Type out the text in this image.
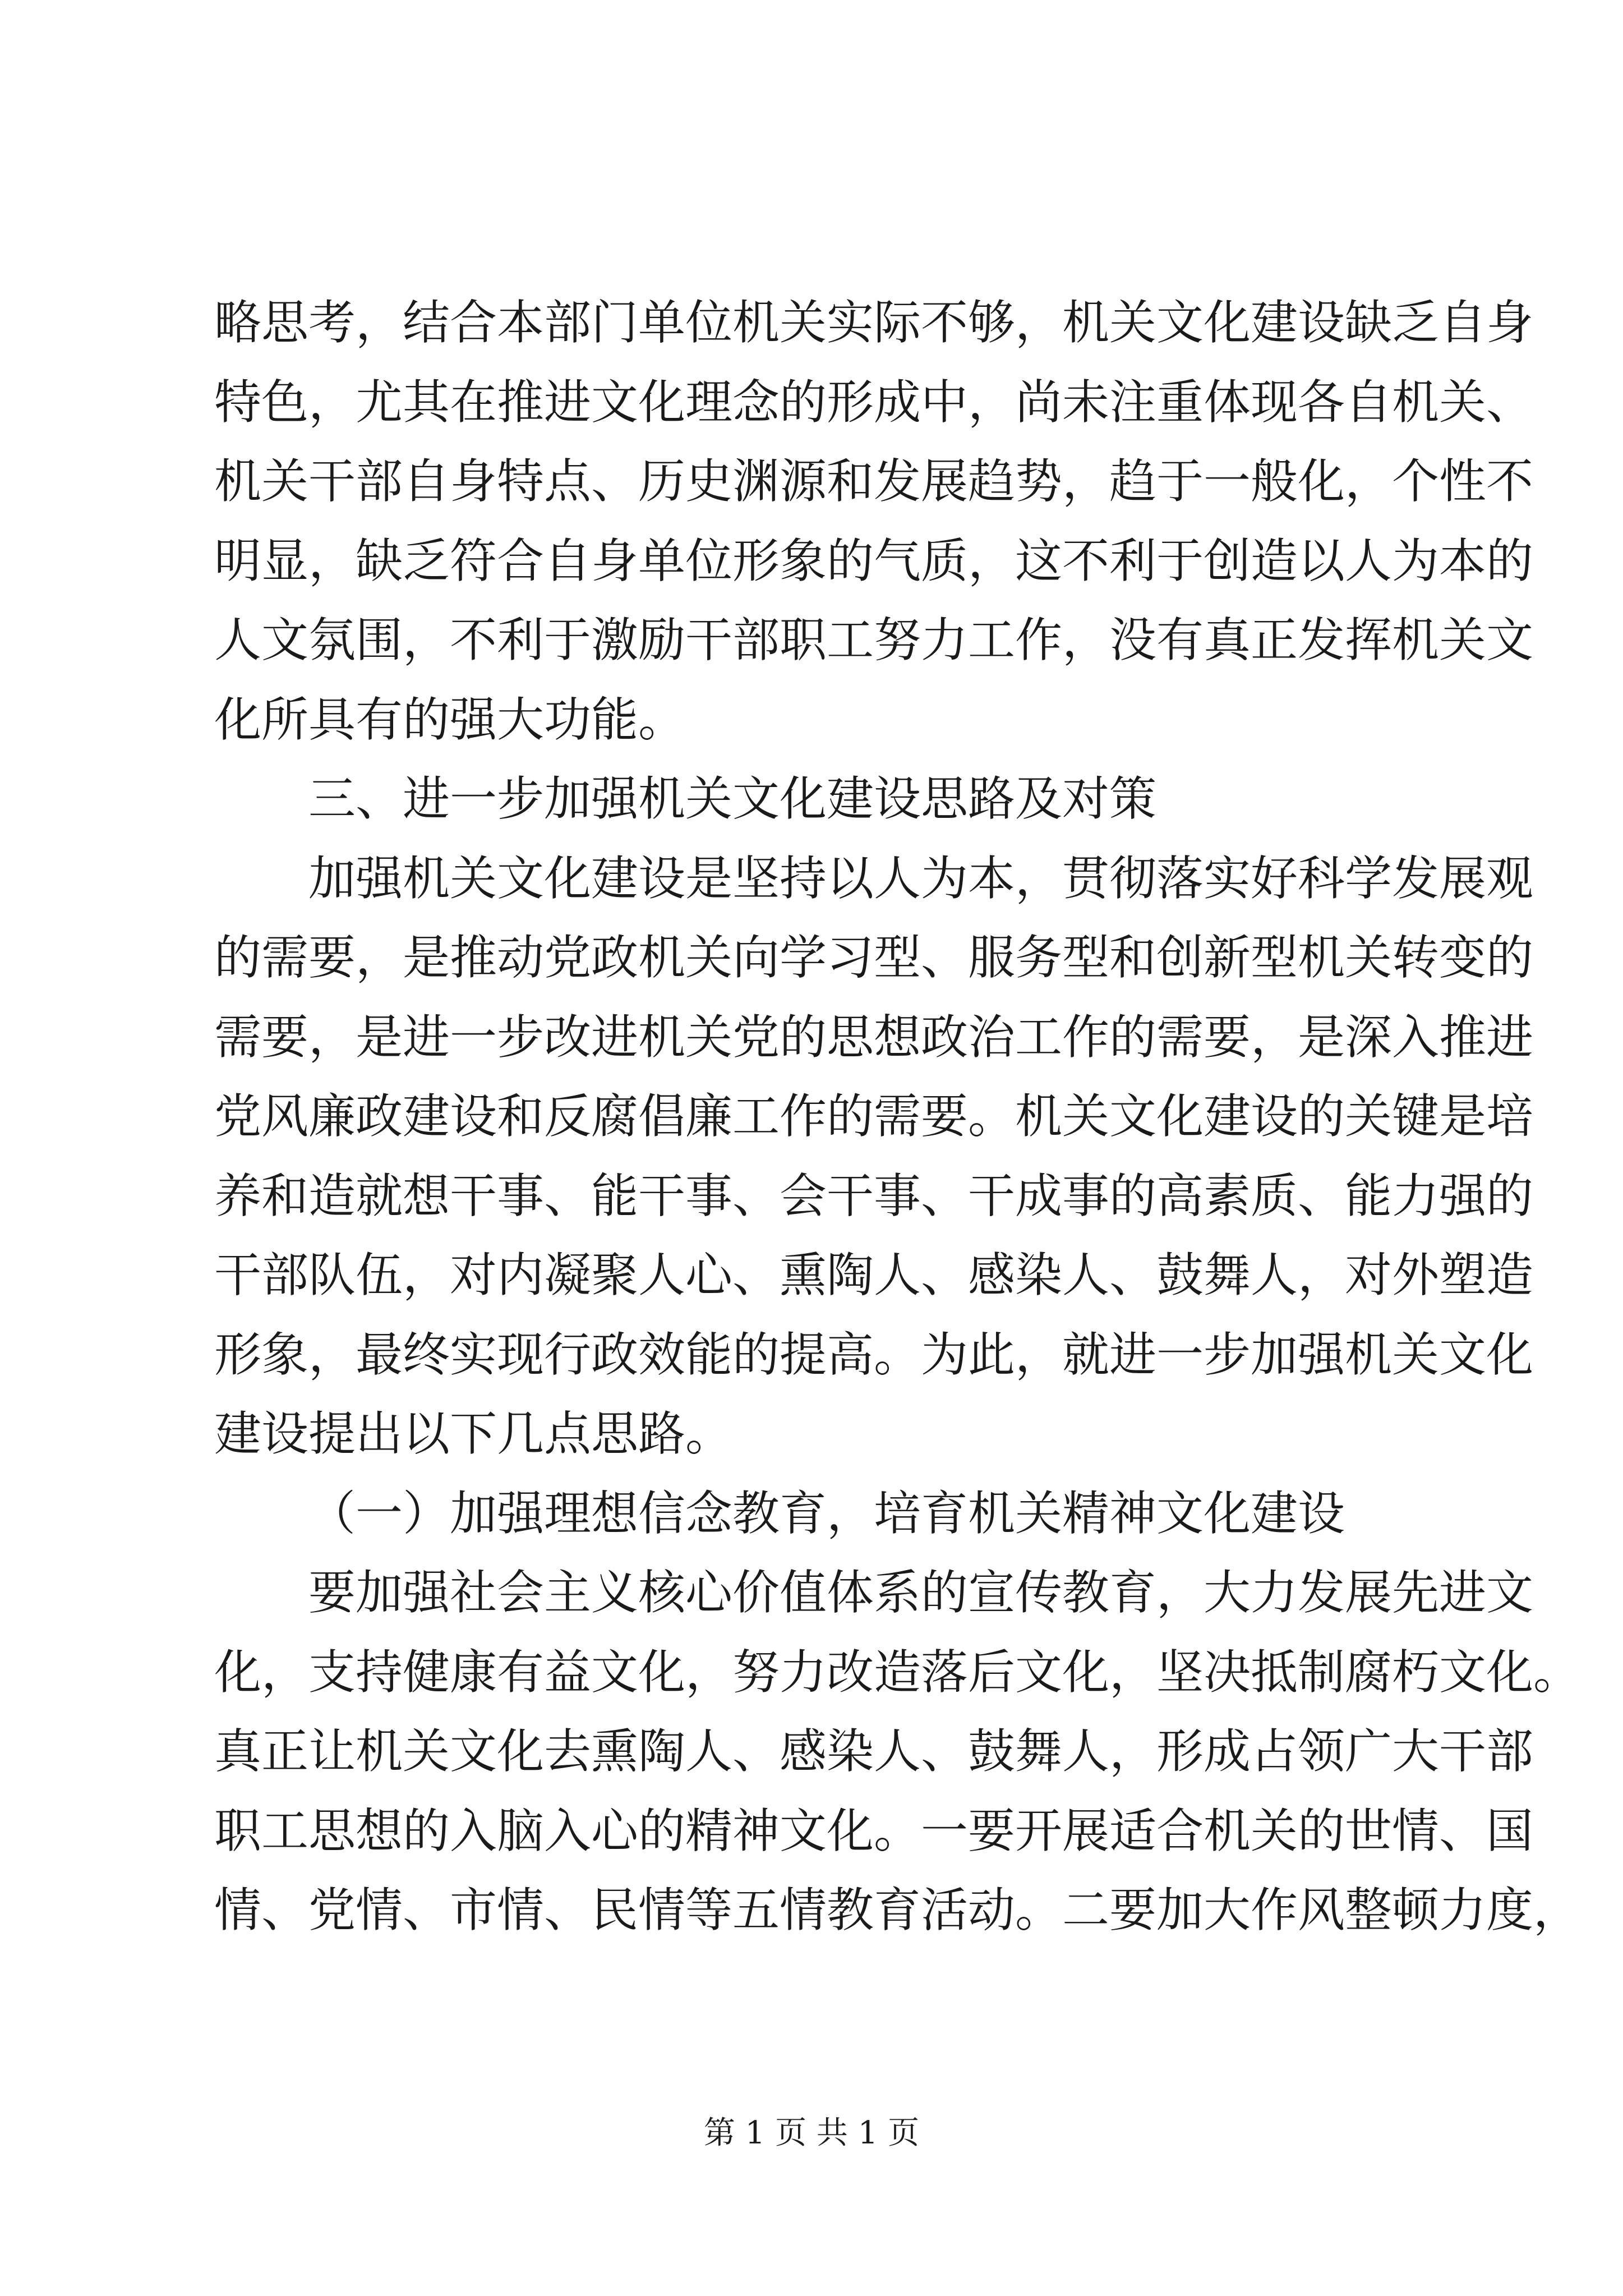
略思考，结合本部门单位机关实际不够，机关文化建设缺乏自身
特色，尤其在推进文化理念的形成中，尚未注重体现各自机关、
机关干部自身特点、历史渊源和发展趋势，趋于一般化，个性不
明显，缺乏符合自身单位形象的气质，这不利于创造以人为本的
人文氛围，不利于激励干部职工努力工作，没有真正发挥机关文
化所具有的强大功能。
三、进一步加强机关文化建设思路及对策
加强机关文化建设是坚持以人为本，贯彻落实好科学发展观
的需要，是推动党政机关向学习型、服务型和创新型机关转变的
需要，是进一步改进机关党的思想政治工作的需要，是深入推进
党风廉政建设和反腐倡廉工作的需要。机关文化建设的关键是培
养和造就想干事、能干事、会干事、干成事的高素质、能力强的
干部队伍，对内凝聚人心、熏陶人、感染人、鼓舞人，对外塑造
形象，最终实现行政效能的提高。为此，就进一步加强机关文化
建设提出以下几点思路。
（一）加强理想信念教育，培育机关精神文化建设
要加强社会主义核心价值体系的宣传教育，大力发展先进文
化，支持健康有益文化，努力改造落后文化，坚决抵制腐朽文化。
真正让机关文化去熏陶人、感染人、鼓舞人，形成占领广大干部
职工思想的入脑入心的精神文化。一要开展适合机关的世情、国
情、党情、市情、民情等五情教育活动。二要加大作风整顿力度，
第 1 页 共 1 页
